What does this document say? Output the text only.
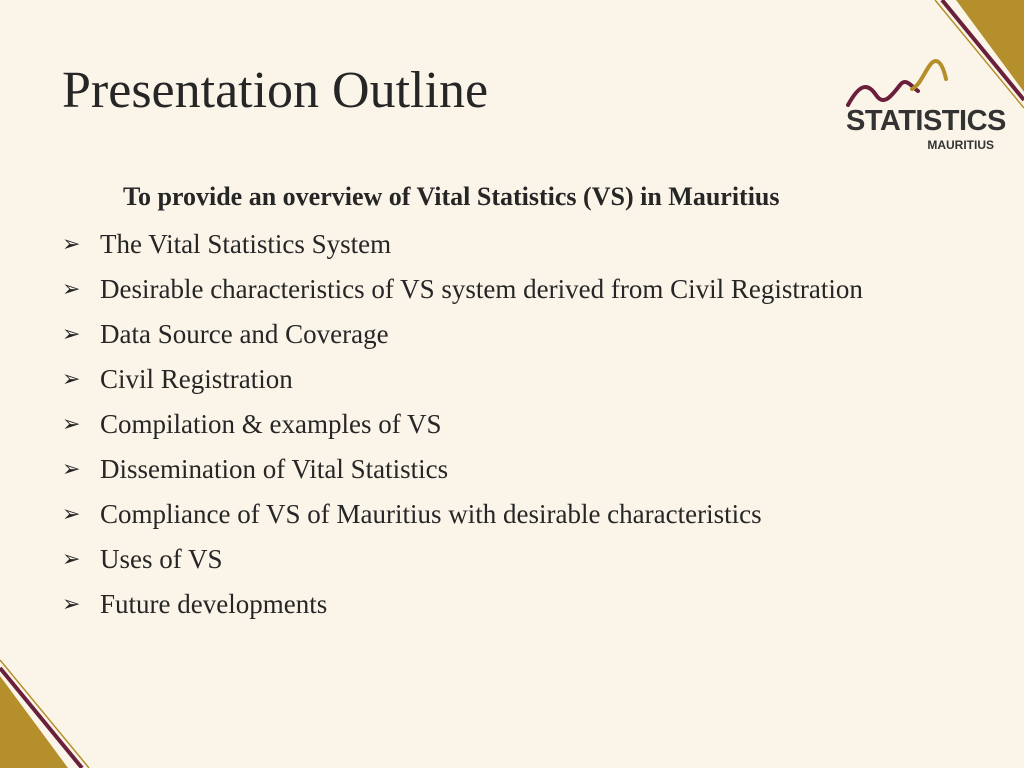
Presentation Outline
STATISTICS
MAURITIUS

To provide an overview of Vital Statistics (VS) in Mauritius

➢ The Vital Statistics System
➢ Desirable characteristics of VS system derived from Civil Registration
➢ Data Source and Coverage
➢ Civil Registration
➢ Compilation & examples of VS
➢ Dissemination of Vital Statistics
➢ Compliance of VS of Mauritius with desirable characteristics
➢ Uses of VS
➢ Future developments
